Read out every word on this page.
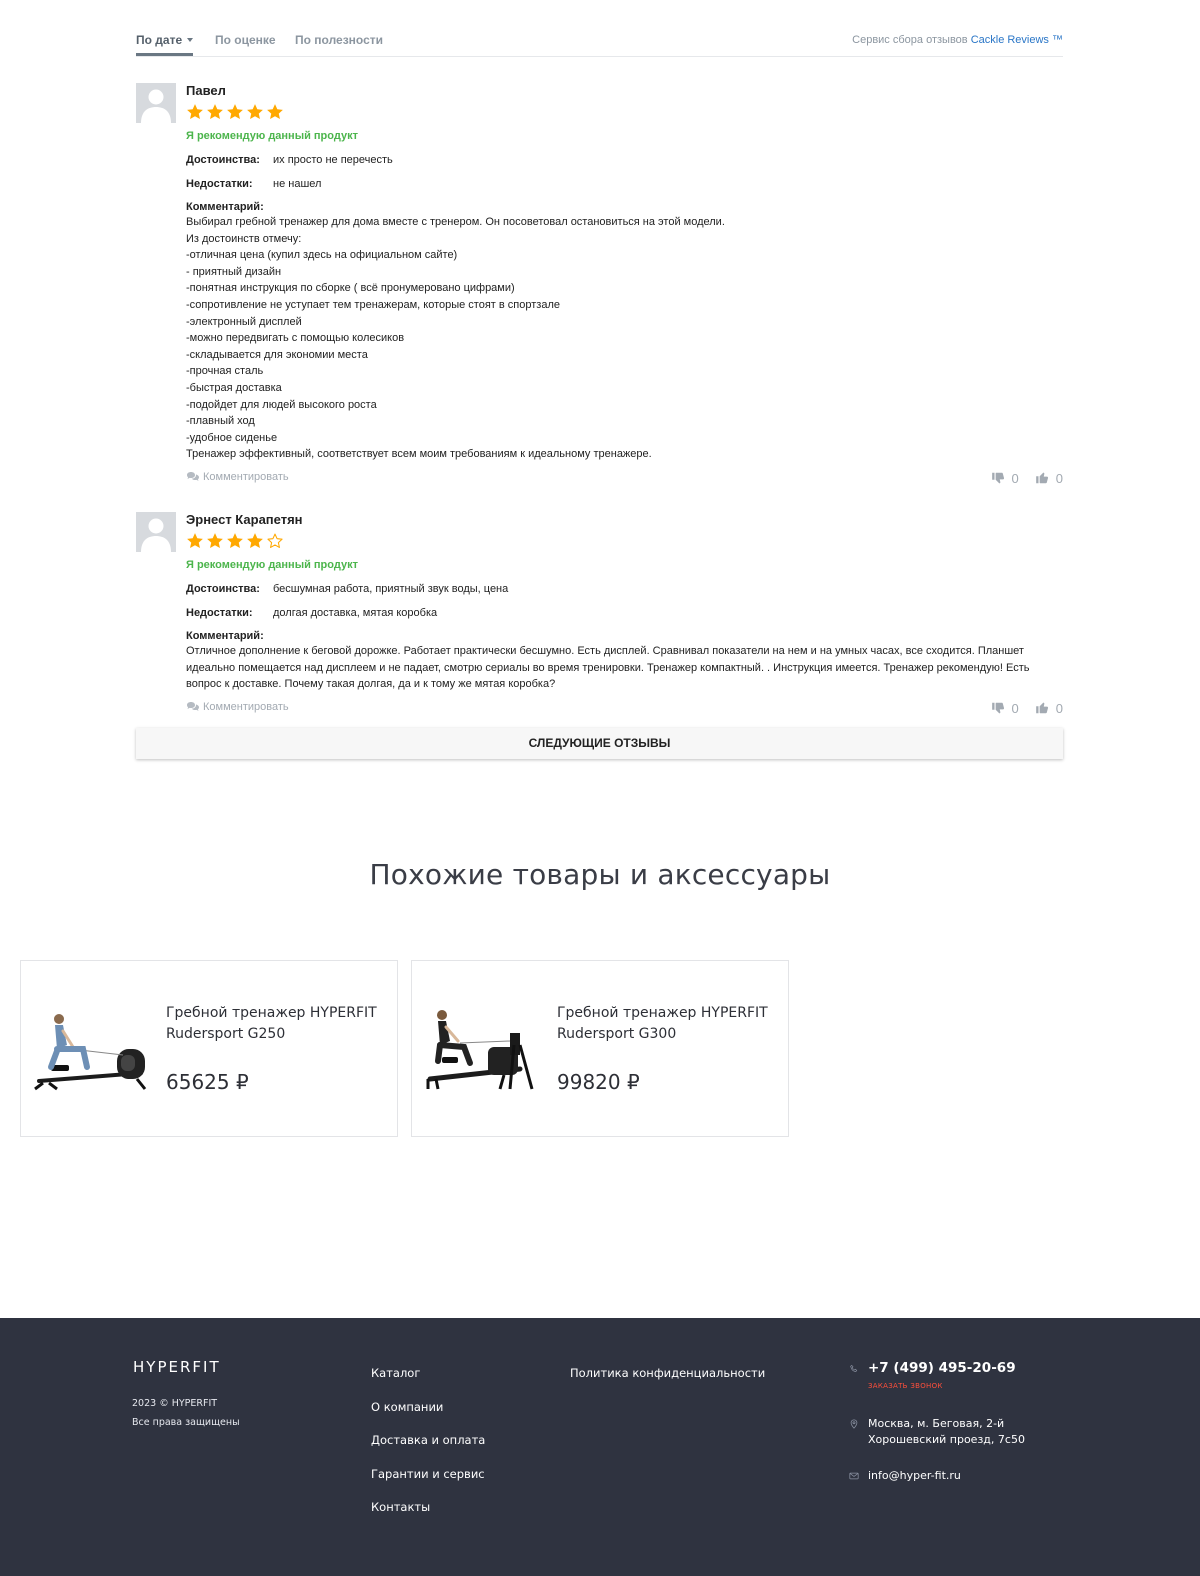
По дате	По оценке По полезности	Сервис сбора отзывов Cackle Reviews ™
Павел
Я рекомендую данный продукт
Достоинства:	их просто не перечесть
Недостатки:	не нашел
Комментарий:
Выбирал гребной тренажер для дома вместе с тренером. Он посоветовал остановиться на этой модели.
Из достоинств отмечу:
-отличная цена (купил здесь на официальном сайте)
- приятный дизайн
-понятная инструкция по сборке ( всё пронумеровано цифрами)
-сопротивление не уступает тем тренажерам, которые стоят в спортзале
-электронный дисплей
-можно передвигать с помощью колесиков
-складывается для экономии места
-прочная сталь
-быстрая доставка
-подойдет для людей высокого роста
-плавный ход
-удобное сиденье
Тренажер эффективный, соответствует всем моим требованиям к идеальному тренажере.
Комментировать	0	0
Эрнест Карапетян
Я рекомендую данный продукт
Достоинства:	бесшумная работа, приятный звук воды, цена
Недостатки:	долгая доставка, мятая коробка
Комментарий:
Отличное дополнение к беговой дорожке. Работает практически бесшумно. Есть дисплей. Сравнивал показатели на нем и на умных часах, все сходится. Планшет идеально помещается над дисплеем и не падает, смотрю сериалы во время тренировки. Тренажер компактный. . Инструкция имеется. Тренажер рекомендую! Есть вопрос к доставке. Почему такая долгая, да и к тому же мятая коробка?
Комментировать	0	0
СЛЕДУЮЩИЕ ОТЗЫВЫ
Похожие товары и аксессуары
Гребной тренажер HYPERFIT Rudersport G250
65625 ₽
Гребной тренажер HYPERFIT Rudersport G300
99820 ₽
HYPERFIT
2023 © HYPERFIT
Все права защищены
Каталог
О компании
Доставка и оплата
Гарантии и сервис
Контакты
Политика конфиденциальности	+7 (499) 495-20-69
ЗАКАЗАТЬ ЗВОНОК
Москва, м. Беговая, 2-й Хорошевский проезд, 7с50
info@hyper-fit.ru
